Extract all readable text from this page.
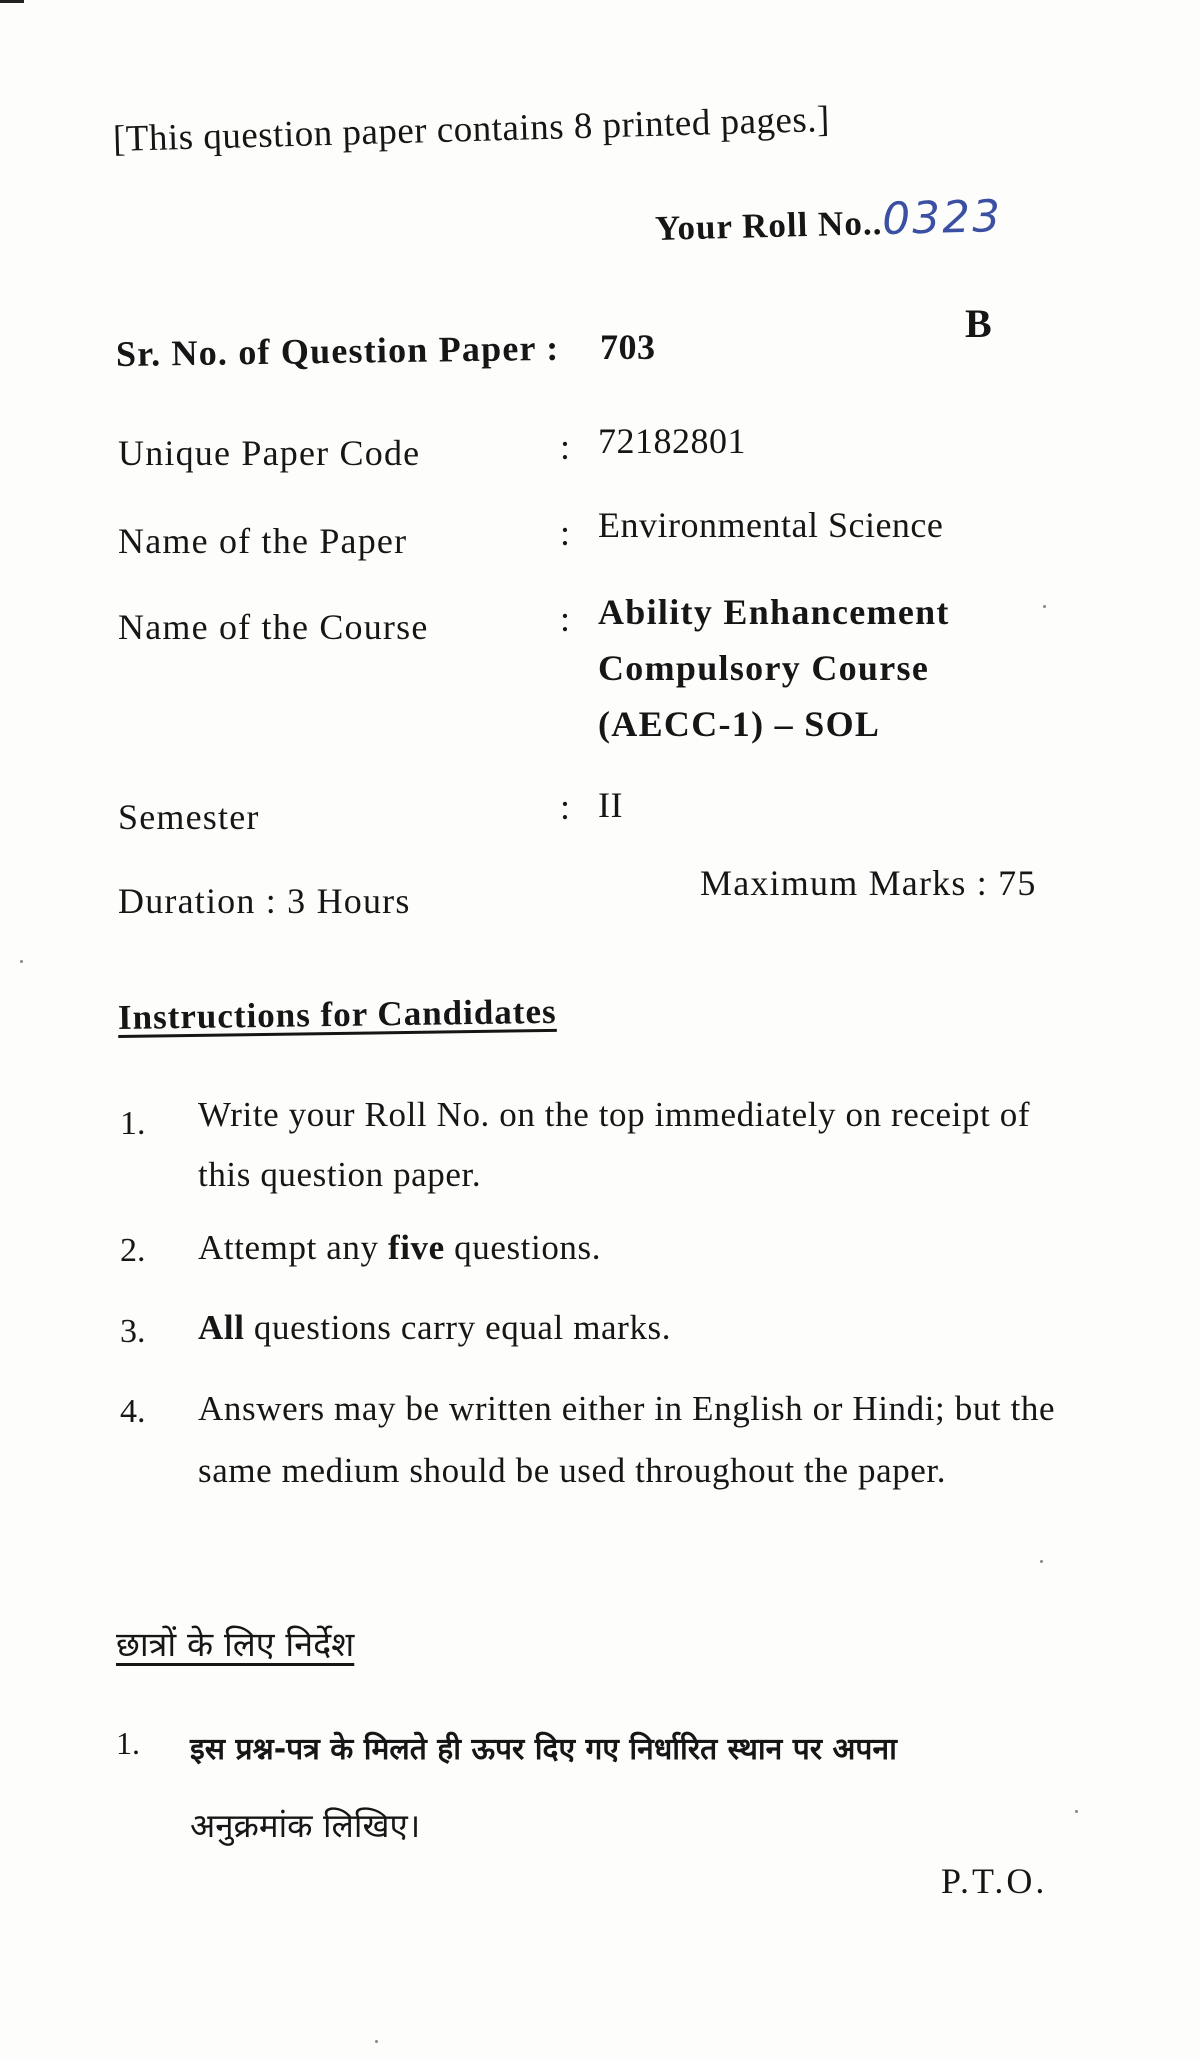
[This question paper contains 8 printed pages.]
Your Roll No..0323
B
Sr. No. of Question Paper : 703
Unique Paper Code	: 72182801
Name of the Paper	: Environmental Science
Name of the Course	: Ability Enhancement Compulsory Course (AECC-1) – SOL
Semester	: II
Duration : 3 Hours	Maximum Marks : 75
Instructions for Candidates
1. Write your Roll No. on the top immediately on receipt of this question paper.
2. Attempt any five questions.
3. All questions carry equal marks.
4. Answers may be written either in English or Hindi; but the same medium should be used throughout the paper.
छात्रों के लिए निर्देश
1. इस प्रश्न-पत्र के मिलते ही ऊपर दिए गए निर्धारित स्थान पर अपना
अनुक्रमांक लिखिए।
P.T.O.
